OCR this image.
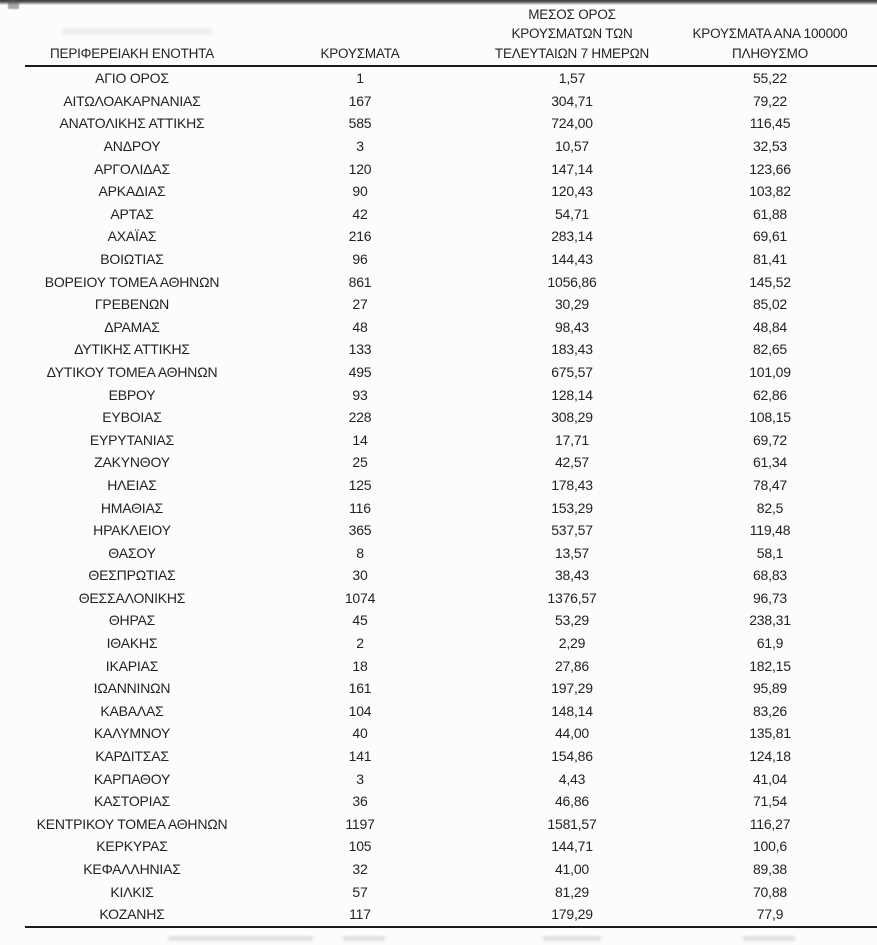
ΠΕΡΙΦΕΡΕΙΑΚΗ ΕΝΟΤΗΤΑ	ΚΡΟΥΣΜΑΤΑ	ΜΕΣΟΣ ΟΡΟΣ
ΚΡΟΥΣΜΑΤΩΝ ΤΩΝ
ΤΕΛΕΥΤΑΙΩΝ 7 ΗΜΕΡΩΝ	ΚΡΟΥΣΜΑΤΑ ΑΝΑ 100000
ΠΛΗΘΥΣΜΟ

ΑΓΙΟ ΟΡΟΣ	1	1,57	55,22
ΑΙΤΩΛΟΑΚΑΡΝΑΝΙΑΣ	167	304,71	79,22
ΑΝΑΤΟΛΙΚΗΣ ΑΤΤΙΚΗΣ	585	724,00	116,45
ΑΝΔΡΟΥ	3	10,57	32,53
ΑΡΓΟΛΙΔΑΣ	120	147,14	123,66
ΑΡΚΑΔΙΑΣ	90	120,43	103,82
ΑΡΤΑΣ	42	54,71	61,88
ΑΧΑΪΑΣ	216	283,14	69,61
ΒΟΙΩΤΙΑΣ	96	144,43	81,41
ΒΟΡΕΙΟΥ ΤΟΜΕΑ ΑΘΗΝΩΝ	861	1056,86	145,52
ΓΡΕΒΕΝΩΝ	27	30,29	85,02
ΔΡΑΜΑΣ	48	98,43	48,84
ΔΥΤΙΚΗΣ ΑΤΤΙΚΗΣ	133	183,43	82,65
ΔΥΤΙΚΟΥ ΤΟΜΕΑ ΑΘΗΝΩΝ	495	675,57	101,09
ΕΒΡΟΥ	93	128,14	62,86
ΕΥΒΟΙΑΣ	228	308,29	108,15
ΕΥΡΥΤΑΝΙΑΣ	14	17,71	69,72
ΖΑΚΥΝΘΟΥ	25	42,57	61,34
ΗΛΕΙΑΣ	125	178,43	78,47
ΗΜΑΘΙΑΣ	116	153,29	82,5
ΗΡΑΚΛΕΙΟΥ	365	537,57	119,48
ΘΑΣΟΥ	8	13,57	58,1
ΘΕΣΠΡΩΤΙΑΣ	30	38,43	68,83
ΘΕΣΣΑΛΟΝΙΚΗΣ	1074	1376,57	96,73
ΘΗΡΑΣ	45	53,29	238,31
ΙΘΑΚΗΣ	2	2,29	61,9
ΙΚΑΡΙΑΣ	18	27,86	182,15
ΙΩΑΝΝΙΝΩΝ	161	197,29	95,89
ΚΑΒΑΛΑΣ	104	148,14	83,26
ΚΑΛΥΜΝΟΥ	40	44,00	135,81
ΚΑΡΔΙΤΣΑΣ	141	154,86	124,18
ΚΑΡΠΑΘΟΥ	3	4,43	41,04
ΚΑΣΤΟΡΙΑΣ	36	46,86	71,54
ΚΕΝΤΡΙΚΟΥ ΤΟΜΕΑ ΑΘΗΝΩΝ	1197	1581,57	116,27
ΚΕΡΚΥΡΑΣ	105	144,71	100,6
ΚΕΦΑΛΛΗΝΙΑΣ	32	41,00	89,38
ΚΙΛΚΙΣ	57	81,29	70,88
ΚΟΖΑΝΗΣ	117	179,29	77,9
